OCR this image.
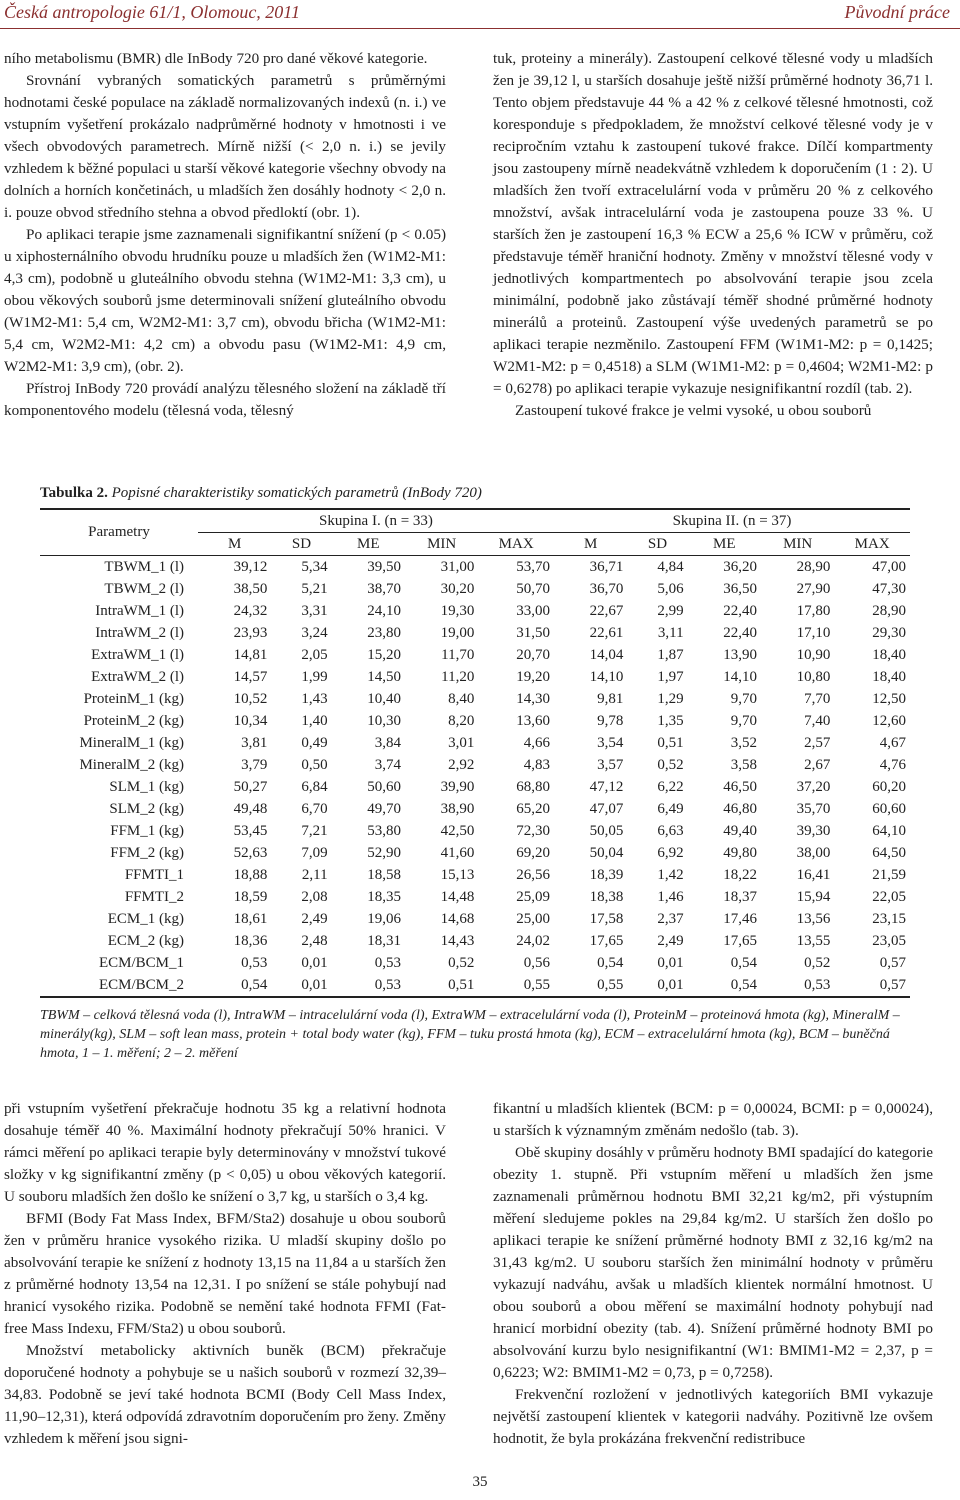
Česká antropologie 61/1, Olomouc, 2011	Původní práce

ního metabolismu (BMR) dle InBody 720 pro dané věkové kategorie.

Srovnání vybraných somatických parametrů s průměrnými hodnotami české populace na základě normalizovaných indexů (n. i.) ve vstupním vyšetření prokázalo nadprůměrné hodnoty v hmotnosti i ve všech obvodových parametrech. Mírně nižší (< 2,0 n. i.) se jevily vzhledem k běžné populaci u starší věkové kategorie všechny obvody na dolních a horních končetinách, u mladších žen dosáhly hodnoty < 2,0 n. i. pouze obvod středního stehna a obvod předloktí (obr. 1).

Po aplikaci terapie jsme zaznamenali signifikantní snížení (p < 0.05) u xiphosternálního obvodu hrudníku pouze u mladších žen (W1M2-M1: 4,3 cm), podobně u gluteálního obvodu stehna (W1M2-M1: 3,3 cm), u obou věkových souborů jsme determinovali snížení gluteálního obvodu (W1M2-M1: 5,4 cm, W2M2-M1: 3,7 cm), obvodu břicha (W1M2-M1: 5,4 cm, W2M2-M1: 4,2 cm) a obvodu pasu (W1M2-M1: 4,9 cm, W2M2-M1: 3,9 cm), (obr. 2).

Přístroj InBody 720 provádí analýzu tělesného složení na základě tří komponentového modelu (tělesná voda, tělesný

tuk, proteiny a minerály). Zastoupení celkové tělesné vody u mladších žen je 39,12 l, u starších dosahuje ještě nižší průměrné hodnoty 36,71 l. Tento objem představuje 44 % a 42 % z celkové tělesné hmotnosti, což koresponduje s předpokladem, že množství celkové tělesné vody je v recipročním vztahu k zastoupení tukové frakce. Dílčí kompartmenty jsou zastoupeny mírně neadekvátně vzhledem k doporučením (1 : 2). U mladších žen tvoří extracelulární voda v průměru 20 % z celkového množství, avšak intracelulární voda je zastoupena pouze 33 %. U starších žen je zastoupení 16,3 % ECW a 25,6 % ICW v průměru, což představuje téměř hraniční hodnoty. Změny v množství tělesné vody v jednotlivých kompartmentech po absolvování terapie jsou zcela minimální, podobně jako zůstávají téměř shodné průměrné hodnoty minerálů a proteinů. Zastoupení výše uvedených parametrů se po aplikaci terapie nezměnilo. Zastoupení FFM (W1M1-M2: p = 0,1425; W2M1-M2: p = 0,4518) a SLM (W1M1-M2: p = 0,4604; W2M1-M2: p = 0,6278) po aplikaci terapie vykazuje nesignifikantní rozdíl (tab. 2).

Zastoupení tukové frakce je velmi vysoké, u obou souborů

Tabulka 2. Popisné charakteristiky somatických parametrů (InBody 720)
Parametry	Skupina I. (n = 33)					Skupina II. (n = 37)				
	M	SD	ME	MIN	MAX	M	SD	ME	MIN	MAX
TBWM_1 (l)	39,12	5,34	39,50	31,00	53,70	36,71	4,84	36,20	28,90	47,00
TBWM_2 (l)	38,50	5,21	38,70	30,20	50,70	36,70	5,06	36,50	27,90	47,30
IntraWM_1 (l)	24,32	3,31	24,10	19,30	33,00	22,67	2,99	22,40	17,80	28,90
IntraWM_2 (l)	23,93	3,24	23,80	19,00	31,50	22,61	3,11	22,40	17,10	29,30
ExtraWM_1 (l)	14,81	2,05	15,20	11,70	20,70	14,04	1,87	13,90	10,90	18,40
ExtraWM_2 (l)	14,57	1,99	14,50	11,20	19,20	14,10	1,97	14,10	10,80	18,40
ProteinM_1 (kg)	10,52	1,43	10,40	8,40	14,30	9,81	1,29	9,70	7,70	12,50
ProteinM_2 (kg)	10,34	1,40	10,30	8,20	13,60	9,78	1,35	9,70	7,40	12,60
MineralM_1 (kg)	3,81	0,49	3,84	3,01	4,66	3,54	0,51	3,52	2,57	4,67
MineralM_2 (kg)	3,79	0,50	3,74	2,92	4,83	3,57	0,52	3,58	2,67	4,76
SLM_1 (kg)	50,27	6,84	50,60	39,90	68,80	47,12	6,22	46,50	37,20	60,20
SLM_2 (kg)	49,48	6,70	49,70	38,90	65,20	47,07	6,49	46,80	35,70	60,60
FFM_1 (kg)	53,45	7,21	53,80	42,50	72,30	50,05	6,63	49,40	39,30	64,10
FFM_2 (kg)	52,63	7,09	52,90	41,60	69,20	50,04	6,92	49,80	38,00	64,50
FFMTI_1	18,88	2,11	18,58	15,13	26,56	18,39	1,42	18,22	16,41	21,59
FFMTI_2	18,59	2,08	18,35	14,48	25,09	18,38	1,46	18,37	15,94	22,05
ECM_1 (kg)	18,61	2,49	19,06	14,68	25,00	17,58	2,37	17,46	13,56	23,15
ECM_2 (kg)	18,36	2,48	18,31	14,43	24,02	17,65	2,49	17,65	13,55	23,05
ECM/BCM_1	0,53	0,01	0,53	0,52	0,56	0,54	0,01	0,54	0,52	0,57
ECM/BCM_2	0,54	0,01	0,53	0,51	0,55	0,55	0,01	0,54	0,53	0,57
TBWM – celková tělesná voda (l), IntraWM – intracelulární voda (l), ExtraWM – extracelulární voda (l), ProteinM – proteinová hmota (kg), MineralM – minerály(kg), SLM – soft lean mass, protein + total body water (kg), FFM – tuku prostá hmota (kg), ECM – extracelulární hmota (kg), BCM – buněčná hmota, 1 – 1. měření; 2 – 2. měření

při vstupním vyšetření překračuje hodnotu 35 kg a relativní hodnota dosahuje téměř 40 %. Maximální hodnoty překračují 50% hranici. V rámci měření po aplikaci terapie byly determinovány v množství tukové složky v kg signifikantní změny (p < 0,05) u obou věkových kategorií. U souboru mladších žen došlo ke snížení o 3,7 kg, u starších o 3,4 kg.

BFMI (Body Fat Mass Index, BFM/Sta2) dosahuje u obou souborů žen v průměru hranice vysokého rizika. U mladší skupiny došlo po absolvování terapie ke snížení z hodnoty 13,15 na 11,84 a u starších žen z průměrné hodnoty 13,54 na 12,31. I po snížení se stále pohybují nad hranicí vysokého rizika. Podobně se nemění také hodnota FFMI (Fat-free Mass Indexu, FFM/Sta2) u obou souborů.

Množství metabolicky aktivních buněk (BCM) překračuje doporučené hodnoty a pohybuje se u našich souborů v rozmezí 32,39–34,83. Podobně se jeví také hodnota BCMI (Body Cell Mass Index, 11,90–12,31), která odpovídá zdravotním doporučením pro ženy. Změny vzhledem k měření jsou signi-

fikantní u mladších klientek (BCM: p = 0,00024, BCMI: p = 0,00024), u starších k významným změnám nedošlo (tab. 3).

Obě skupiny dosáhly v průměru hodnoty BMI spadající do kategorie obezity 1. stupně. Při vstupním měření u mladších žen jsme zaznamenali průměrnou hodnotu BMI 32,21 kg/m2, při výstupním měření sledujeme pokles na 29,84 kg/m2. U starších žen došlo po aplikaci terapie ke snížení průměrné hodnoty BMI z 32,16 kg/m2 na 31,43 kg/m2. U souboru starších žen minimální hodnoty v průměru vykazují nadváhu, avšak u mladších klientek normální hmotnost. U obou souborů a obou měření se maximální hodnoty pohybují nad hranicí morbidní obezity (tab. 4). Snížení průměrné hodnoty BMI po absolvování kurzu bylo nesignifikantní (W1: BMIM1-M2 = 2,37, p = 0,6223; W2: BMIM1-M2 = 0,73, p = 0,7258).

Frekvenční rozložení v jednotlivých kategoriích BMI vykazuje největší zastoupení klientek v kategorii nadváhy. Pozitivně lze ovšem hodnotit, že byla prokázána frekvenční redistribuce

35
